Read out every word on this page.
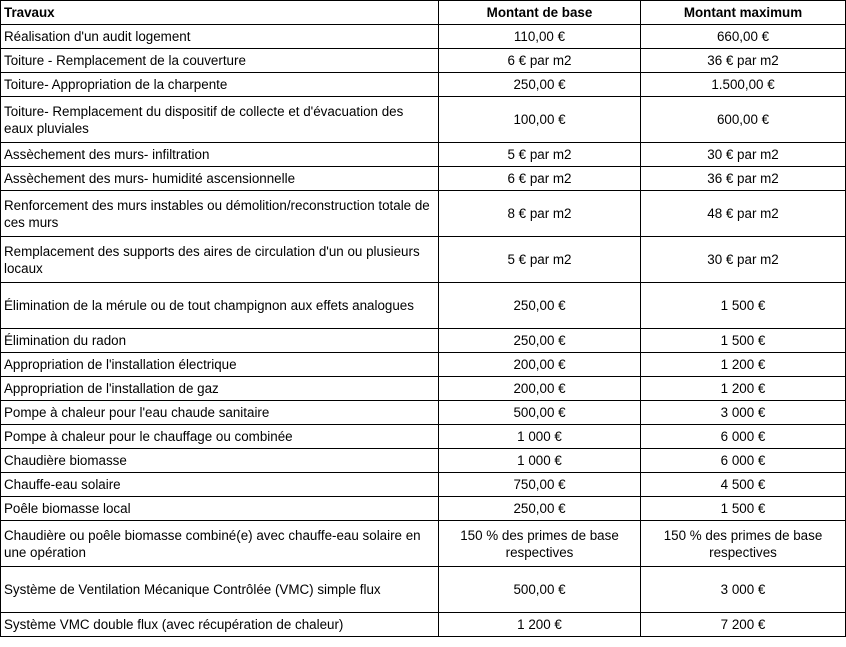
Travaux	Montant de base	Montant maximum
Réalisation d'un audit logement	110,00 €	660,00 €
Toiture - Remplacement de la couverture	6 € par m2	36 € par m2
Toiture- Appropriation de la charpente	250,00 €	1.500,00 €
Toiture- Remplacement du dispositif de collecte et d'évacuation des eaux pluviales	100,00 €	600,00 €
Assèchement des murs- infiltration	5 € par m2	30 € par m2
Assèchement des murs- humidité ascensionnelle	6 € par m2	36 € par m2
Renforcement des murs instables ou démolition/reconstruction totale de ces murs	8 € par m2	48 € par m2
Remplacement des supports des aires de circulation d'un ou plusieurs locaux	5 € par m2	30 € par m2
Élimination de la mérule ou de tout champignon aux effets analogues	250,00 €	1 500 €
Élimination du radon	250,00 €	1 500 €
Appropriation de l'installation électrique	200,00 €	1 200 €
Appropriation de l'installation de gaz	200,00 €	1 200 €
Pompe à chaleur pour l'eau chaude sanitaire	500,00 €	3 000 €
Pompe à chaleur pour le chauffage ou combinée	1 000 €	6 000 €
Chaudière biomasse	1 000 €	6 000 €
Chauffe-eau solaire	750,00 €	4 500 €
Poêle biomasse local	250,00 €	1 500 €
Chaudière ou poêle biomasse combiné(e) avec chauffe-eau solaire en une opération	150 % des primes de base respectives	150 % des primes de base respectives
Système de Ventilation Mécanique Contrôlée (VMC) simple flux	500,00 €	3 000 €
Système VMC double flux (avec récupération de chaleur)	1 200 €	7 200 €
